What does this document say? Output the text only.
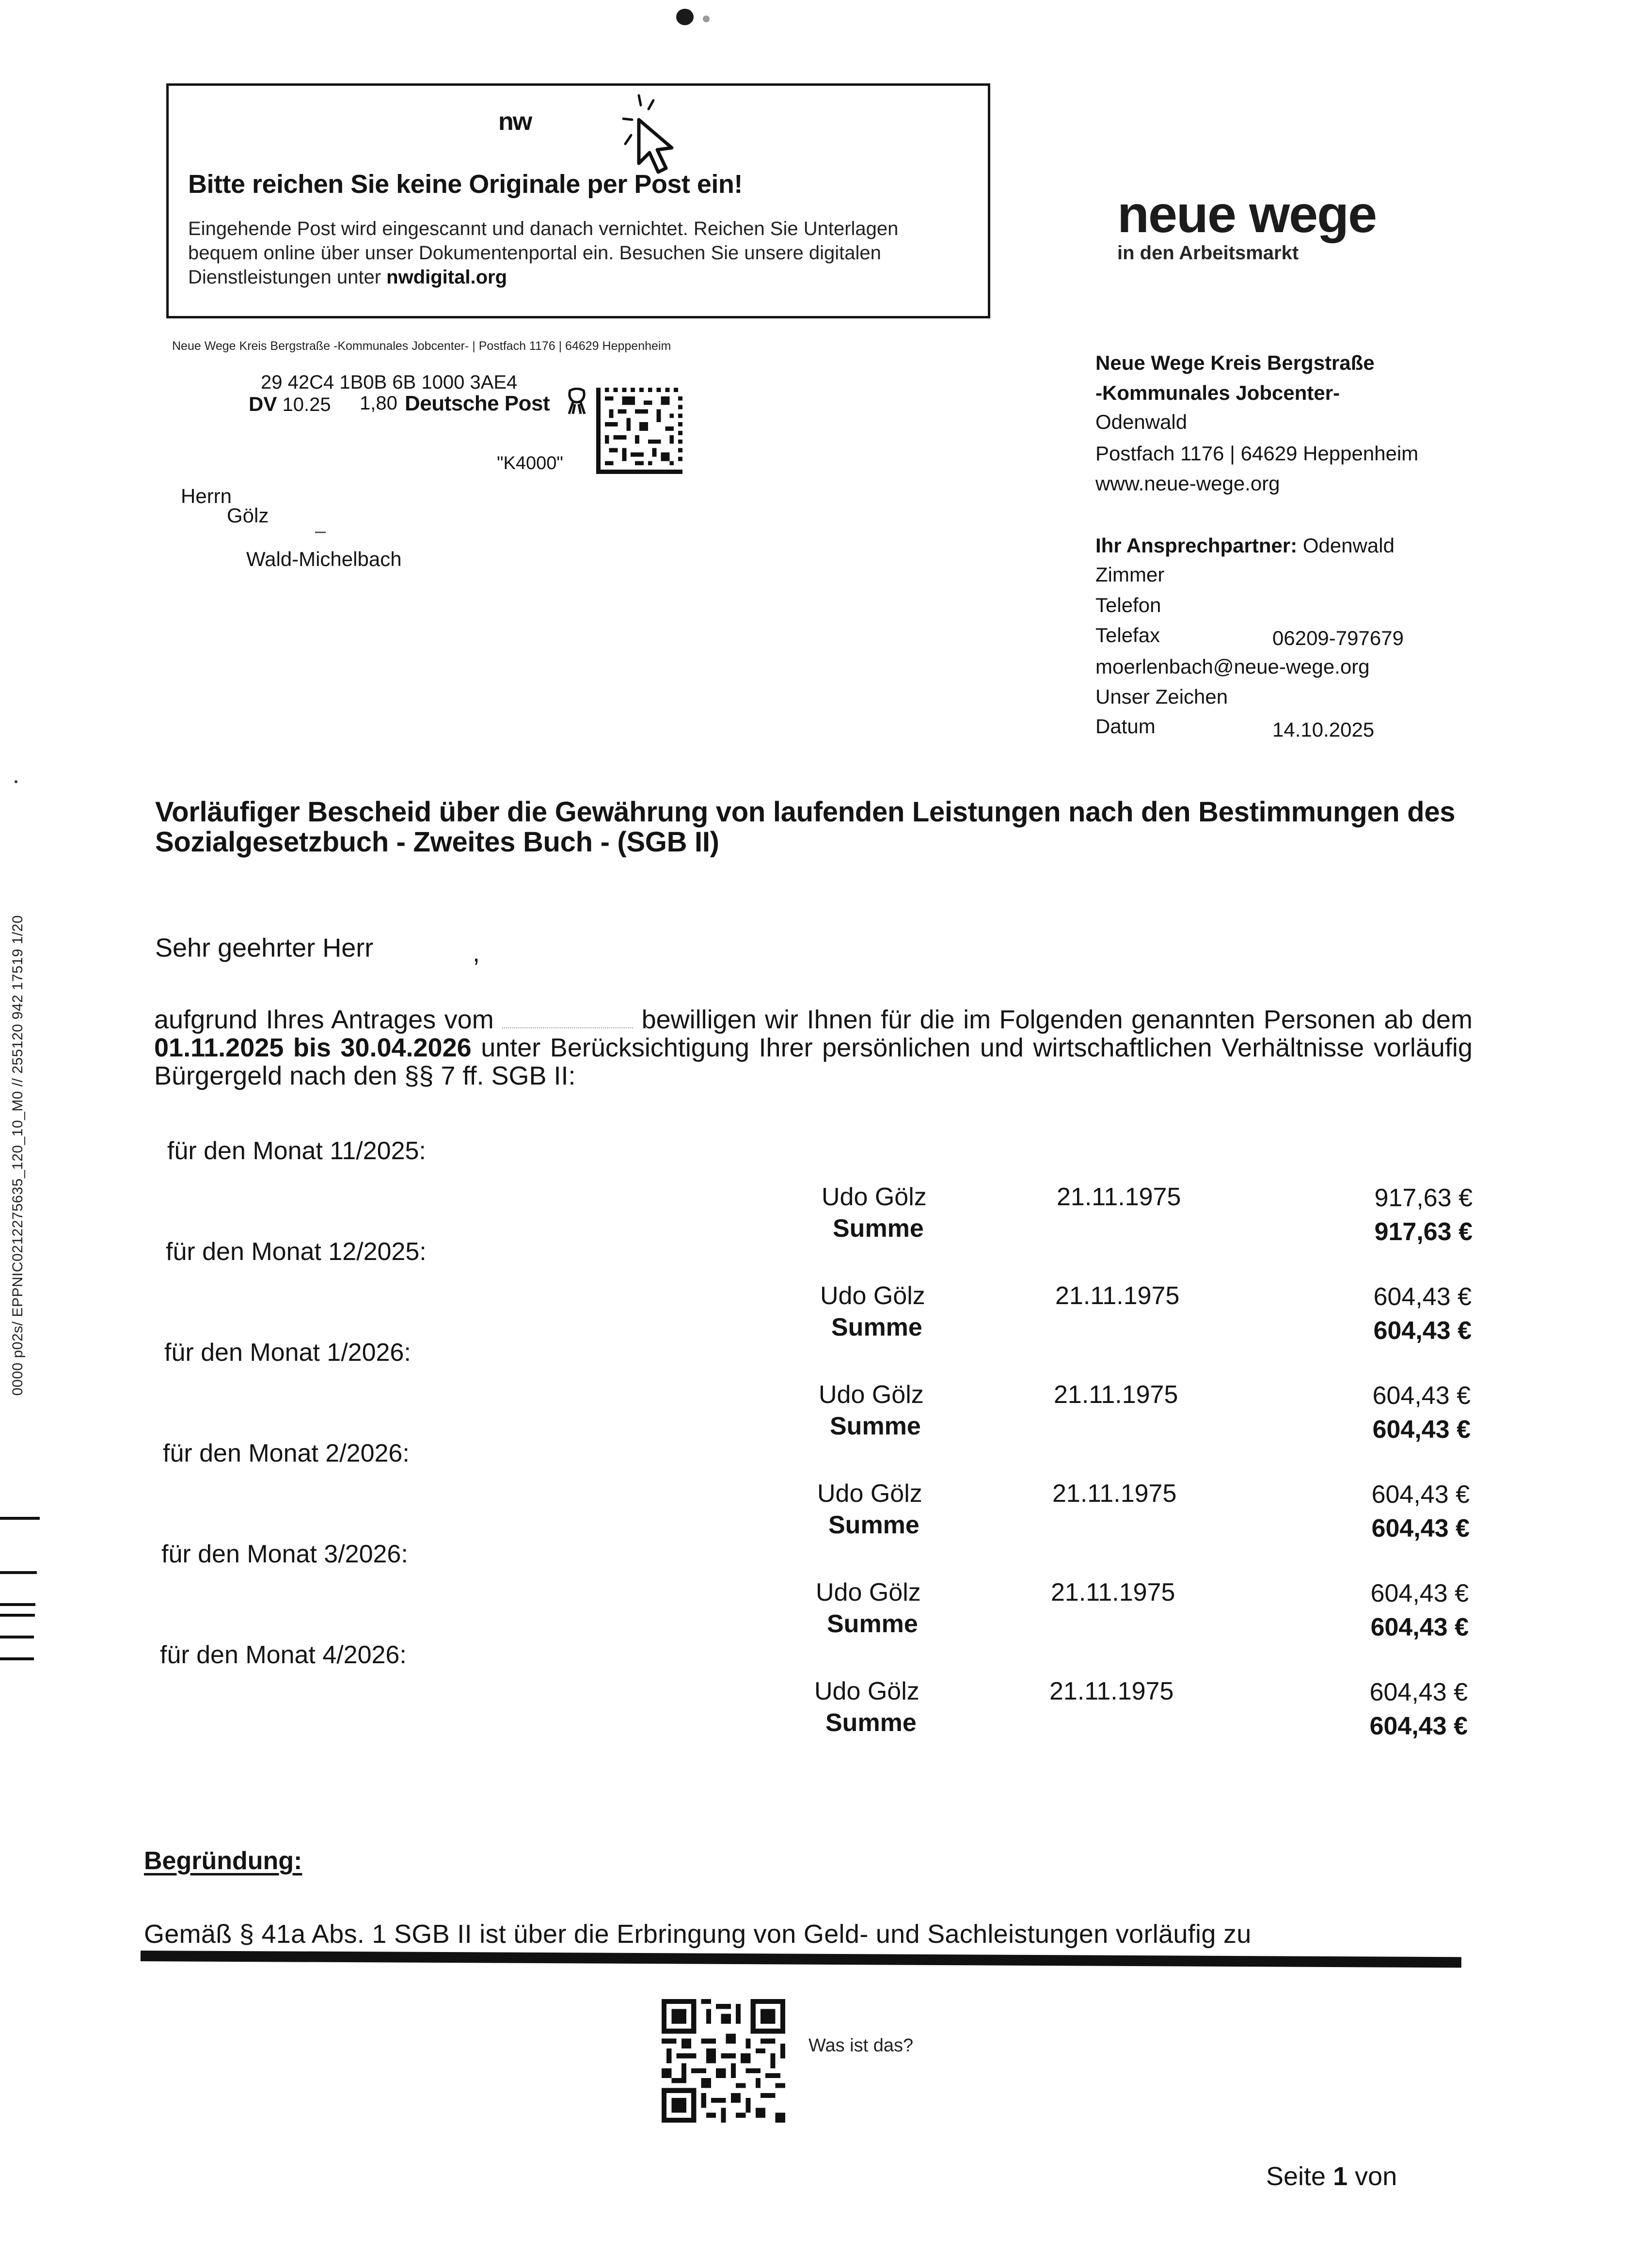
nw
Bitte reichen Sie keine Originale per Post ein!
Eingehende Post wird eingescannt und danach vernichtet. Reichen Sie Unterlagen bequem online über unser Dokumentenportal ein. Besuchen Sie unsere digitalen Dienstleistungen unter nwdigital.org
neue wege
in den Arbeitsmarkt
Neue Wege Kreis Bergstraße -Kommunales Jobcenter- | Postfach 1176 | 64629 Heppenheim
29 42C4 1B0B 6B 1000 3AE4
DV 10.25 1,80 Deutsche Post
"K4000"
Herrn
Gölz
Wald-Michelbach
Neue Wege Kreis Bergstraße
-Kommunales Jobcenter-
Odenwald
Postfach 1176 | 64629 Heppenheim
www.neue-wege.org
Ihr Ansprechpartner: Odenwald
Zimmer
Telefon
Telefax	06209-797679
moerlenbach@neue-wege.org
Unser Zeichen
Datum	14.10.2025
0000 p02s/ EPPNIC0212275635_120_10_M0 // 255120 942 17519 1/20
Vorläufiger Bescheid über die Gewährung von laufenden Leistungen nach den Bestimmungen des Sozialgesetzbuch - Zweites Buch - (SGB II)
Sehr geehrter Herr	,
aufgrund Ihres Antrages vom	bewilligen wir Ihnen für die im Folgenden genannten Personen ab dem 01.11.2025 bis 30.04.2026 unter Berücksichtigung Ihrer persönlichen und wirtschaftlichen Verhältnisse vorläufig Bürgergeld nach den §§ 7 ff. SGB II:
für den Monat 11/2025:
Udo Gölz	21.11.1975	917,63 €
Summe	917,63 €
für den Monat 12/2025:
Udo Gölz	21.11.1975	604,43 €
Summe	604,43 €
für den Monat 1/2026:
Udo Gölz	21.11.1975	604,43 €
Summe	604,43 €
für den Monat 2/2026:
Udo Gölz	21.11.1975	604,43 €
Summe	604,43 €
für den Monat 3/2026:
Udo Gölz	21.11.1975	604,43 €
Summe	604,43 €
für den Monat 4/2026:
Udo Gölz	21.11.1975	604,43 €
Summe	604,43 €
Begründung:
Gemäß § 41a Abs. 1 SGB II ist über die Erbringung von Geld- und Sachleistungen vorläufig zu
Was ist das?
Seite 1 von
